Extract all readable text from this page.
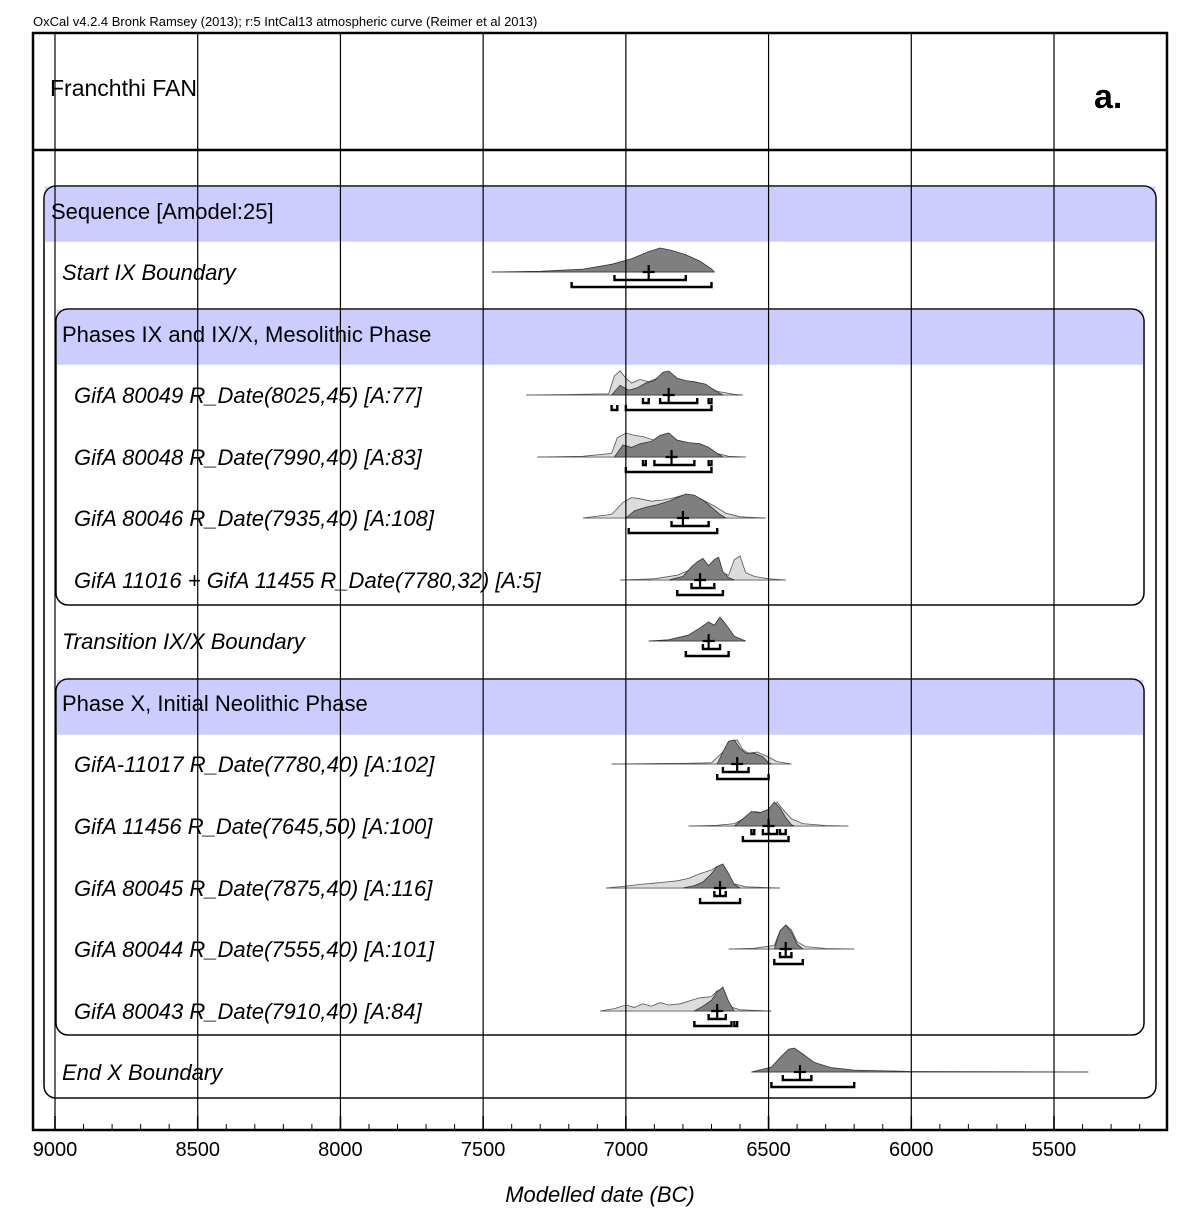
OxCal v4.2.4 Bronk Ramsey (2013); r:5 IntCal13 atmospheric curve (Reimer et al 2013)
Sequence [Amodel:25]
Phases IX and IX/X, Mesolithic Phase
Phase X, Initial Neolithic Phase
Franchthi FAN	a.
Start IX Boundary
GifA 80049 R_Date(8025,45) [A:77]
GifA 80048 R_Date(7990,40) [A:83]
GifA 80046 R_Date(7935,40) [A:108]
GifA 11016 + GifA 11455 R_Date(7780,32) [A:5]
Transition IX/X Boundary
GifA-11017 R_Date(7780,40) [A:102]
GifA 11456 R_Date(7645,50) [A:100]
GifA 80045 R_Date(7875,40) [A:116]
GifA 80044 R_Date(7555,40) [A:101]
GifA 80043 R_Date(7910,40) [A:84]
End X Boundary
9000	8500	8000	7500	7000	6500	6000	5500
Modelled date (BC)
